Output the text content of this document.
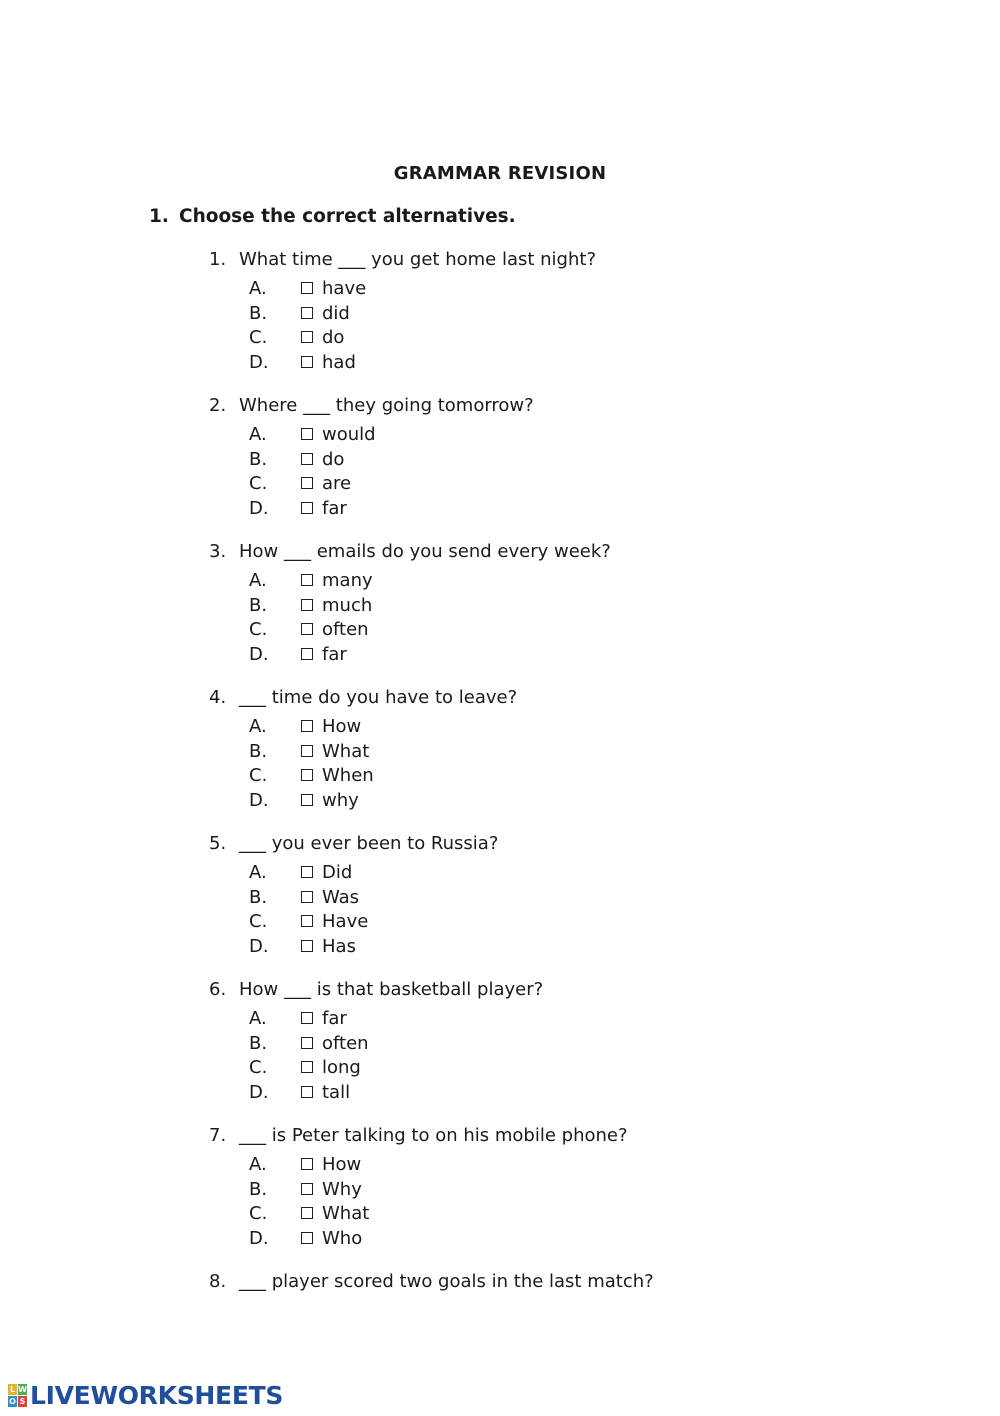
GRAMMAR REVISION
1. Choose the correct alternatives.
1. What time ___ you get home last night?
A.	have
B.	did
C.	do
D.	had
2. Where ___ they going tomorrow?
A.	would
B.	do
C.	are
D.	far
3. How ___ emails do you send every week?
A.	many
B.	much
C.	often
D.	far
4. ___ time do you have to leave?
A.	How
B.	What
C.	When
D.	why
5. ___ you ever been to Russia?
A.	Did
B.	Was
C.	Have
D.	Has
6. How ___ is that basketball player?
A.	far
B.	often
C.	long
D.	tall
7. ___ is Peter talking to on his mobile phone?
A.	How
B.	Why
C.	What
D.	Who
8. ___ player scored two goals in the last match?
L W
O S LIVEWORKSHEETS
